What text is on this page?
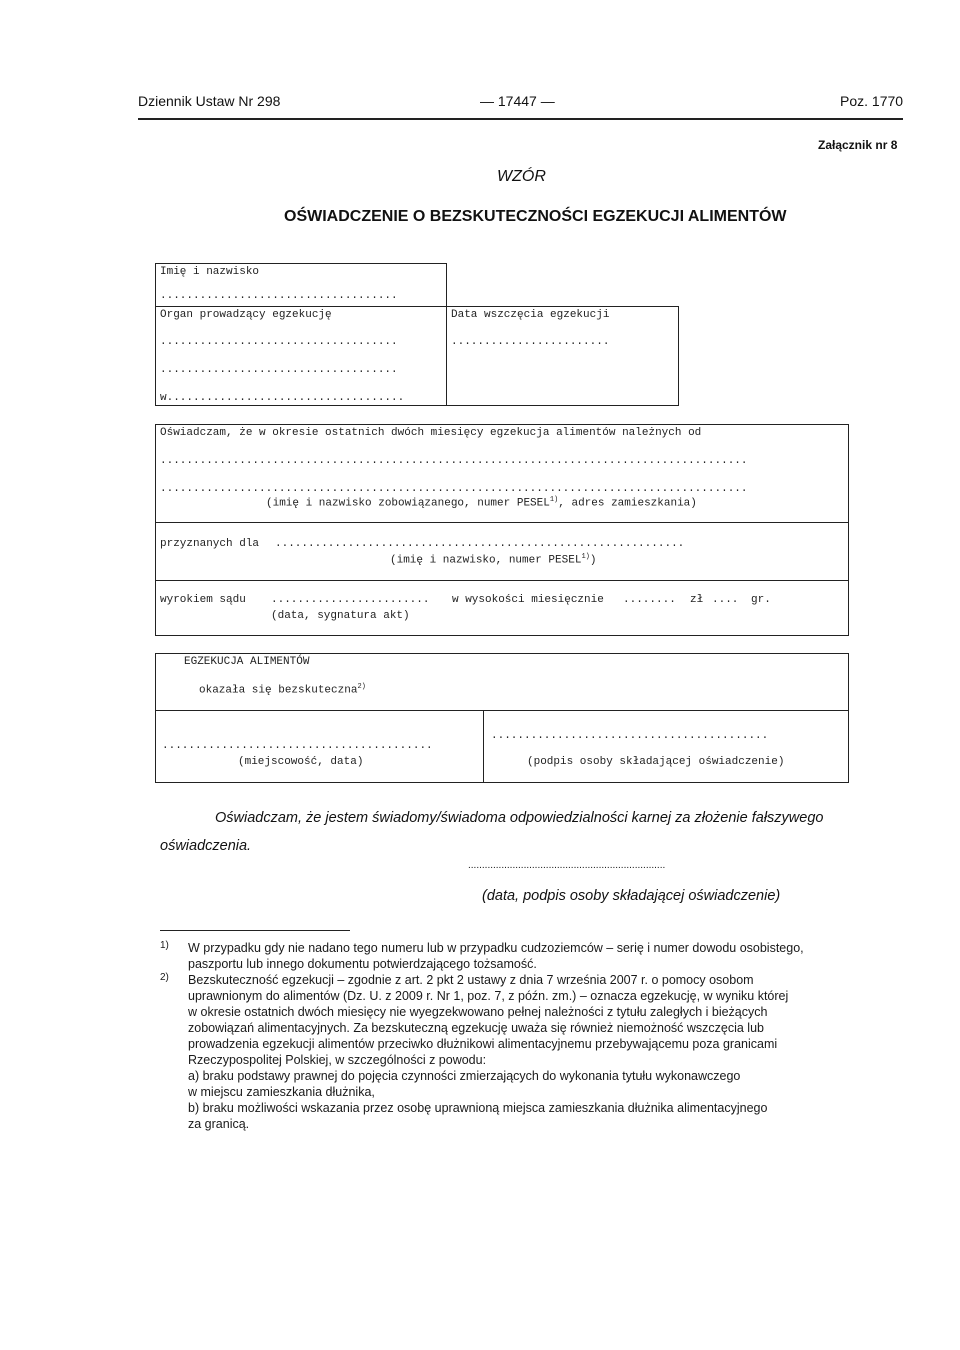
Dziennik Ustaw Nr 298	— 17447 —	Poz. 1770
Załącznik nr 8
WZÓR
OŚWIADCZENIE O BEZSKUTECZNOŚCI EGZEKUCJI ALIMENTÓW
Imię i nazwisko
....................................
Organ prowadzący egzekucję
....................................
....................................
w....................................
Data wszczęcia egzekucji
........................
Oświadczam, że w okresie ostatnich dwóch miesięcy egzekucja alimentów należnych od
.........................................................................................
.........................................................................................
(imię i nazwisko zobowiązanego, numer PESEL$^{1)}$, adres zamieszkania)
przyznanych dla ..............................................................
(imię i nazwisko, numer PESEL$^{1)}$)
wyrokiem sądu ........................ w wysokości miesięcznie ........ zł .... gr.
(data, sygnatura akt)
EGZEKUCJA ALIMENTÓW
okazała się bezskuteczna$^{2)}$
.........................................
(miejscowość, data)
..........................................
(podpis osoby składającej oświadczenie)
Oświadczam, że jestem świadomy/świadoma odpowiedzialności karnej za złożenie fałszywego
oświadczenia.
.......................................................................
(data, podpis osoby składającej oświadczenie)
1) W przypadku gdy nie nadano tego numeru lub w przypadku cudzoziemców – serię i numer dowodu osobistego,
paszportu lub innego dokumentu potwierdzającego tożsamość.
2) Bezskuteczność egzekucji – zgodnie z art. 2 pkt 2 ustawy z dnia 7 września 2007 r. o pomocy osobom
uprawnionym do alimentów (Dz. U. z 2009 r. Nr 1, poz. 7, z późn. zm.) – oznacza egzekucję, w wyniku której
w okresie ostatnich dwóch miesięcy nie wyegzekwowano pełnej należności z tytułu zaległych i bieżących
zobowiązań alimentacyjnych. Za bezskuteczną egzekucję uważa się również niemożność wszczęcia lub
prowadzenia egzekucji alimentów przeciwko dłużnikowi alimentacyjnemu przebywającemu poza granicami
Rzeczypospolitej Polskiej, w szczególności z powodu:
a) braku podstawy prawnej do pojęcia czynności zmierzających do wykonania tytułu wykonawczego
w miejscu zamieszkania dłużnika,
b) braku możliwości wskazania przez osobę uprawnioną miejsca zamieszkania dłużnika alimentacyjnego
za granicą.
